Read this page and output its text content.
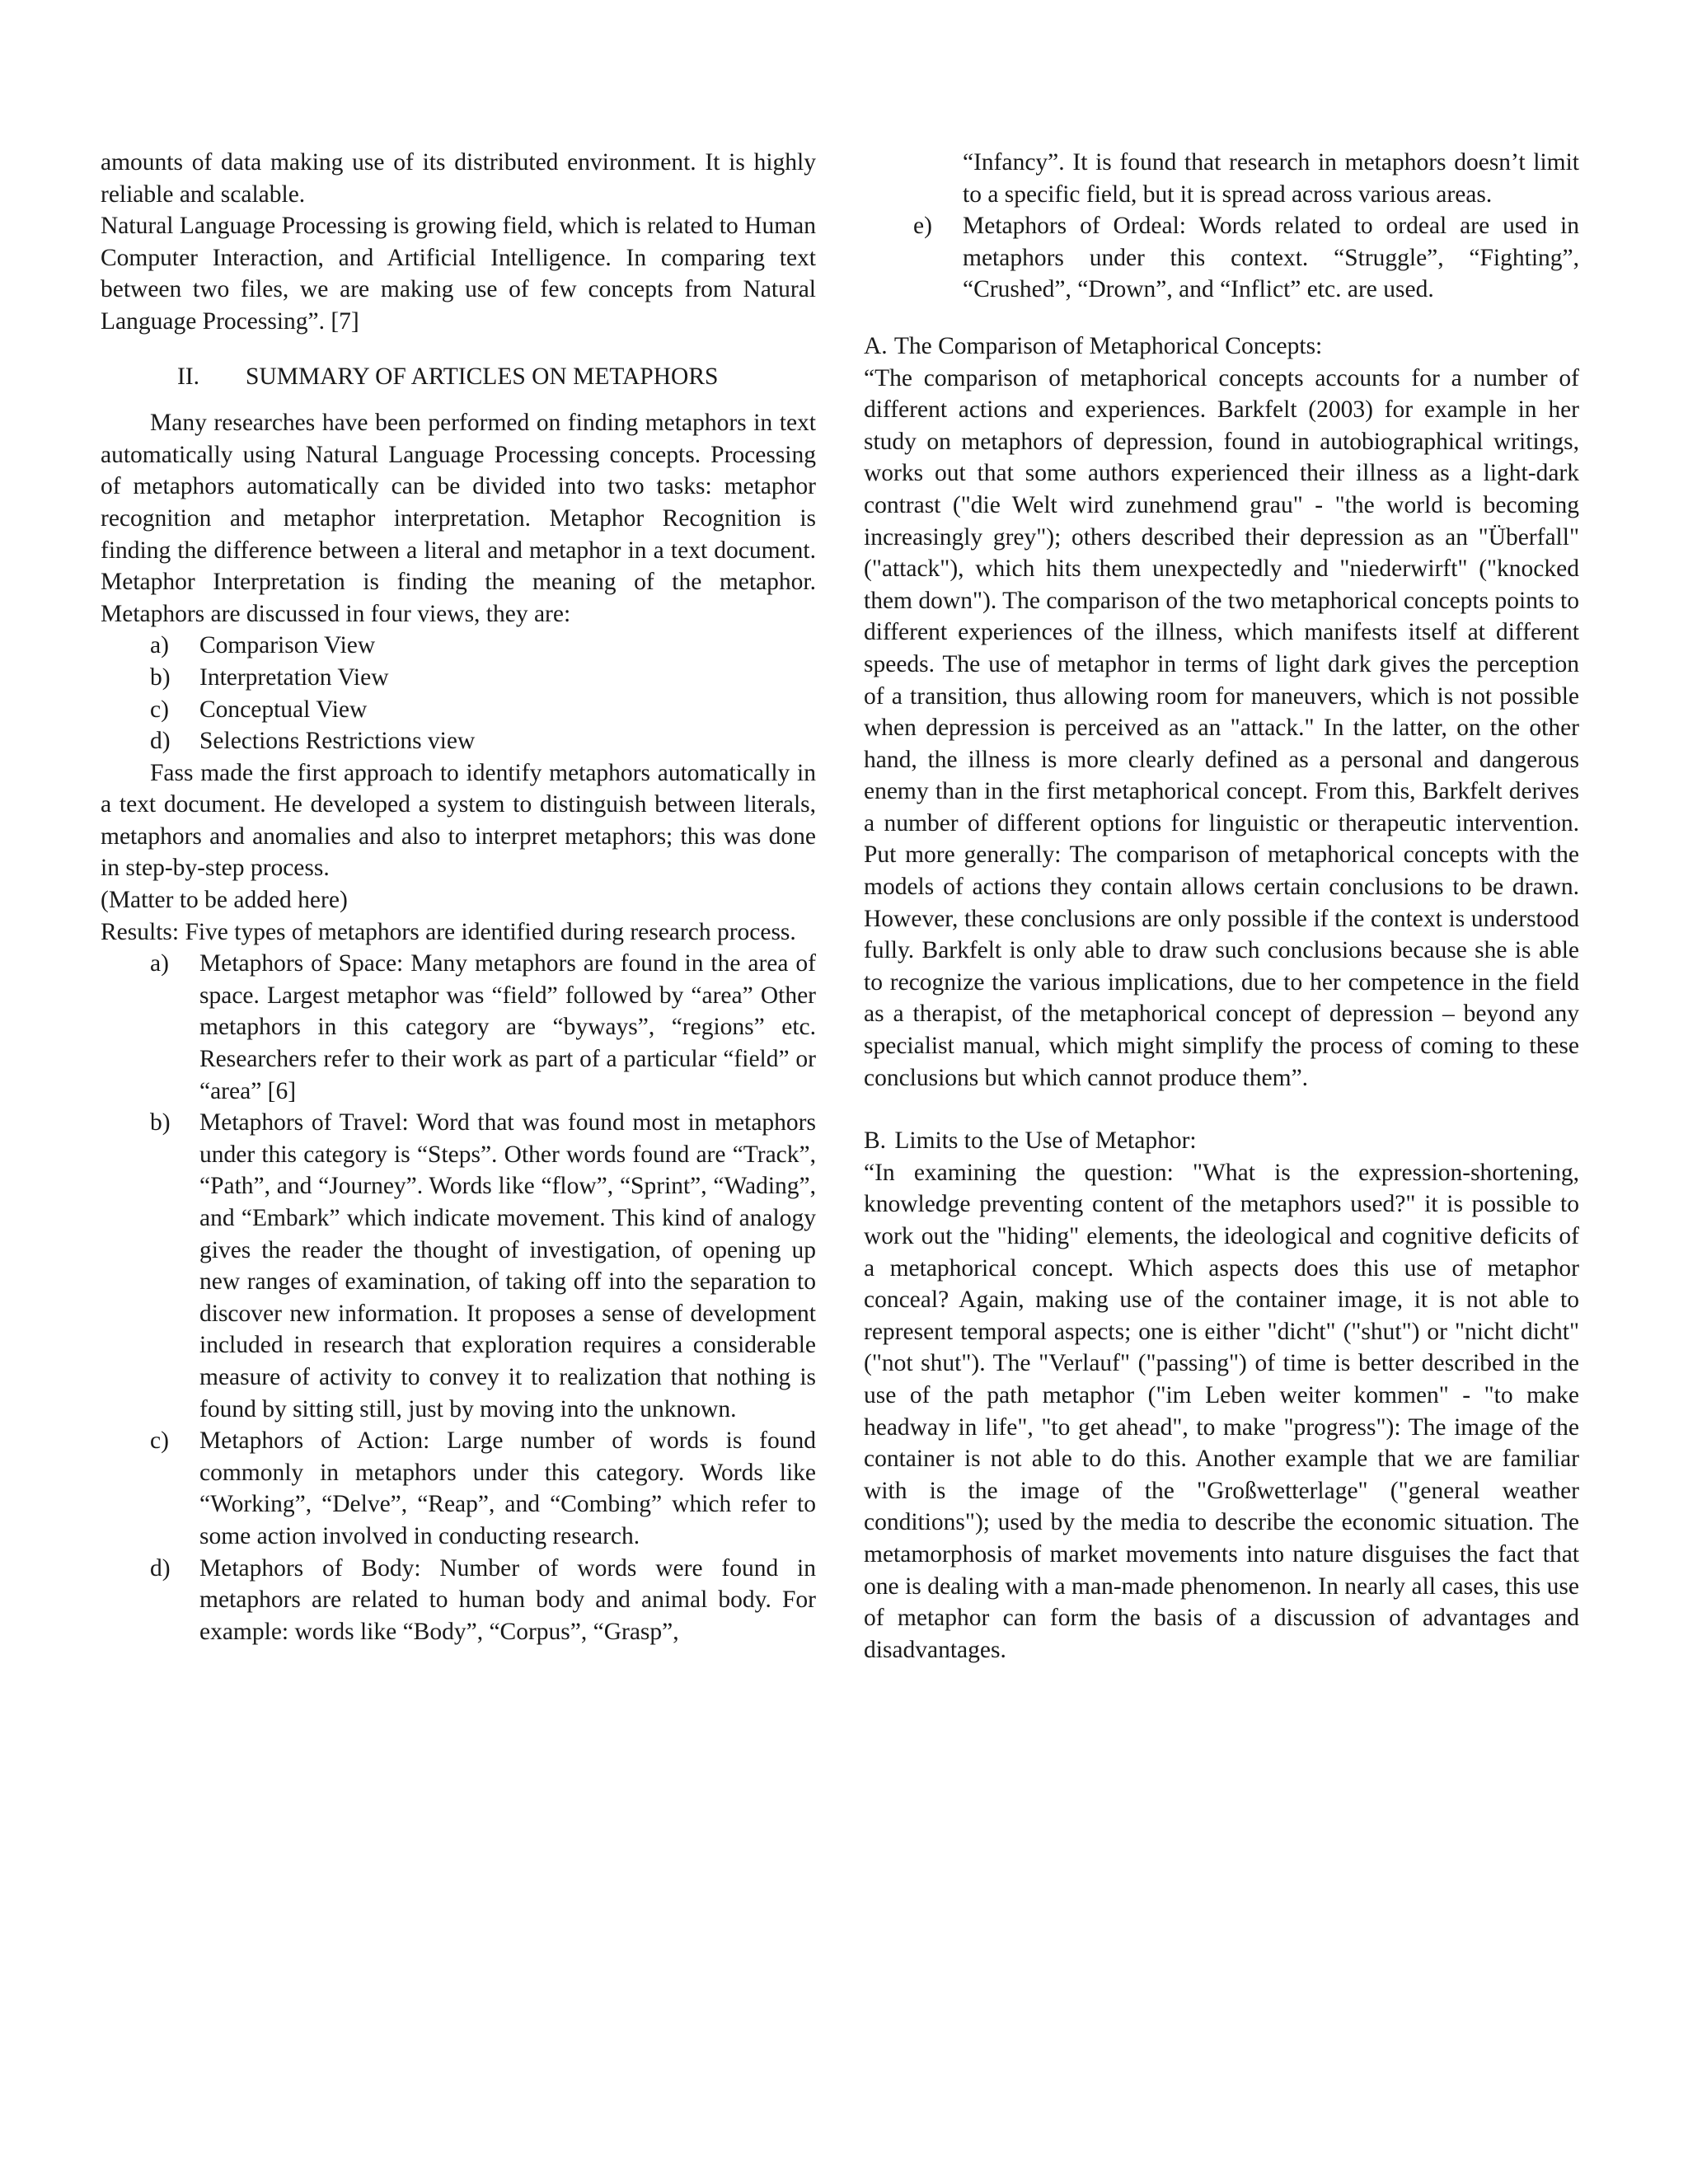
amounts of data making use of its distributed environment. It is highly reliable and scalable.

Natural Language Processing is growing field, which is related to Human Computer Interaction, and Artificial Intelligence. In comparing text between two files, we are making use of few concepts from Natural Language Processing”. [7]

II. SUMMARY OF ARTICLES ON METAPHORS

Many researches have been performed on finding metaphors in text automatically using Natural Language Processing concepts. Processing of metaphors automatically can be divided into two tasks: metaphor recognition and metaphor interpretation. Metaphor Recognition is finding the difference between a literal and metaphor in a text document. Metaphor Interpretation is finding the meaning of the metaphor. Metaphors are discussed in four views, they are:

a)	Comparison View
b)	Interpretation View
c)	Conceptual View
d)	Selections Restrictions view

Fass made the first approach to identify metaphors automatically in a text document. He developed a system to distinguish between literals, metaphors and anomalies and also to interpret metaphors; this was done in step-by-step process.

(Matter to be added here)

Results: Five types of metaphors are identified during research process.

a)	Metaphors of Space: Many metaphors are found in the area of space. Largest metaphor was “field” followed by “area” Other metaphors in this category are “byways”, “regions” etc. Researchers refer to their work as part of a particular “field” or “area” [6]
b)	Metaphors of Travel: Word that was found most in metaphors under this category is “Steps”. Other words found are “Track”, “Path”, and “Journey”. Words like “flow”, “Sprint”, “Wading”, and “Embark” which indicate movement. This kind of analogy gives the reader the thought of investigation, of opening up new ranges of examination, of taking off into the separation to discover new information. It proposes a sense of development included in research that exploration requires a considerable measure of activity to convey it to realization that nothing is found by sitting still, just by moving into the unknown.
c)	Metaphors of Action: Large number of words is found commonly in metaphors under this category. Words like “Working”, “Delve”, “Reap”, and “Combing” which refer to some action involved in conducting research.
d)	Metaphors of Body: Number of words were found in metaphors are related to human body and animal body. For example: words like “Body”, “Corpus”, “Grasp”,
“Infancy”. It is found that research in metaphors doesn’t limit to a specific field, but it is spread across various areas.
e)	Metaphors of Ordeal: Words related to ordeal are used in metaphors under this context. “Struggle”, “Fighting”, “Crushed”, “Drown”, and “Inflict” etc. are used.
A. The Comparison of Metaphorical Concepts:

“The comparison of metaphorical concepts accounts for a number of different actions and experiences. Barkfelt (2003) for example in her study on metaphors of depression, found in autobiographical writings, works out that some authors experienced their illness as a light-dark contrast ("die Welt wird zunehmend grau" - "the world is becoming increasingly grey"); others described their depression as an "Überfall" ("attack"), which hits them unexpectedly and "niederwirft" ("knocked them down"). The comparison of the two metaphorical concepts points to different experiences of the illness, which manifests itself at different speeds. The use of metaphor in terms of light dark gives the perception of a transition, thus allowing room for maneuvers, which is not possible when depression is perceived as an "attack." In the latter, on the other hand, the illness is more clearly defined as a personal and dangerous enemy than in the first metaphorical concept. From this, Barkfelt derives a number of different options for linguistic or therapeutic intervention. Put more generally: The comparison of metaphorical concepts with the models of actions they contain allows certain conclusions to be drawn. However, these conclusions are only possible if the context is understood fully. Barkfelt is only able to draw such conclusions because she is able to recognize the various implications, due to her competence in the field as a therapist, of the metaphorical concept of depression – beyond any specialist manual, which might simplify the process of coming to these conclusions but which cannot produce them”.

B. Limits to the Use of Metaphor:

“In examining the question: "What is the expression-shortening, knowledge preventing content of the metaphors used?" it is possible to work out the "hiding" elements, the ideological and cognitive deficits of a metaphorical concept. Which aspects does this use of metaphor conceal? Again, making use of the container image, it is not able to represent temporal aspects; one is either "dicht" ("shut") or "nicht dicht" ("not shut"). The "Verlauf" ("passing") of time is better described in the use of the path metaphor ("im Leben weiter kommen" - "to make headway in life", "to get ahead", to make "progress"): The image of the container is not able to do this. Another example that we are familiar with is the image of the "Großwetterlage" ("general weather conditions"); used by the media to describe the economic situation. The metamorphosis of market movements into nature disguises the fact that one is dealing with a man-made phenomenon. In nearly all cases, this use of metaphor can form the basis of a discussion of advantages and disadvantages.
